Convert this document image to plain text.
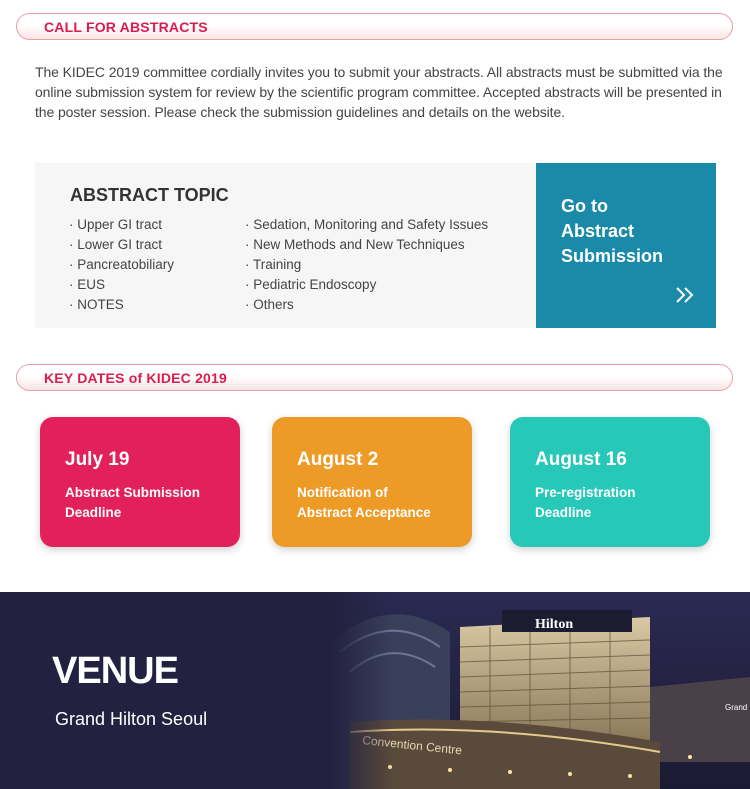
CALL FOR ABSTRACTS
The KIDEC 2019 committee cordially invites you to submit your abstracts. All abstracts must be submitted via the online submission system for review by the scientific program committee. Accepted abstracts will be presented in the poster session. Please check the submission guidelines and details on the website.
ABSTRACT TOPIC
· Upper GI tract
· Lower GI tract
· Pancreatobiliary
· EUS
· NOTES
· Sedation, Monitoring and Safety Issues
· New Methods and New Techniques
· Training
· Pediatric Endoscopy
· Others
Go to
Abstract
Submission
KEY DATES of KIDEC 2019
July 19
Abstract Submission
Deadline
August 2
Notification of
Abstract Acceptance
August 16
Pre-registration
Deadline
VENUE
Grand Hilton Seoul
